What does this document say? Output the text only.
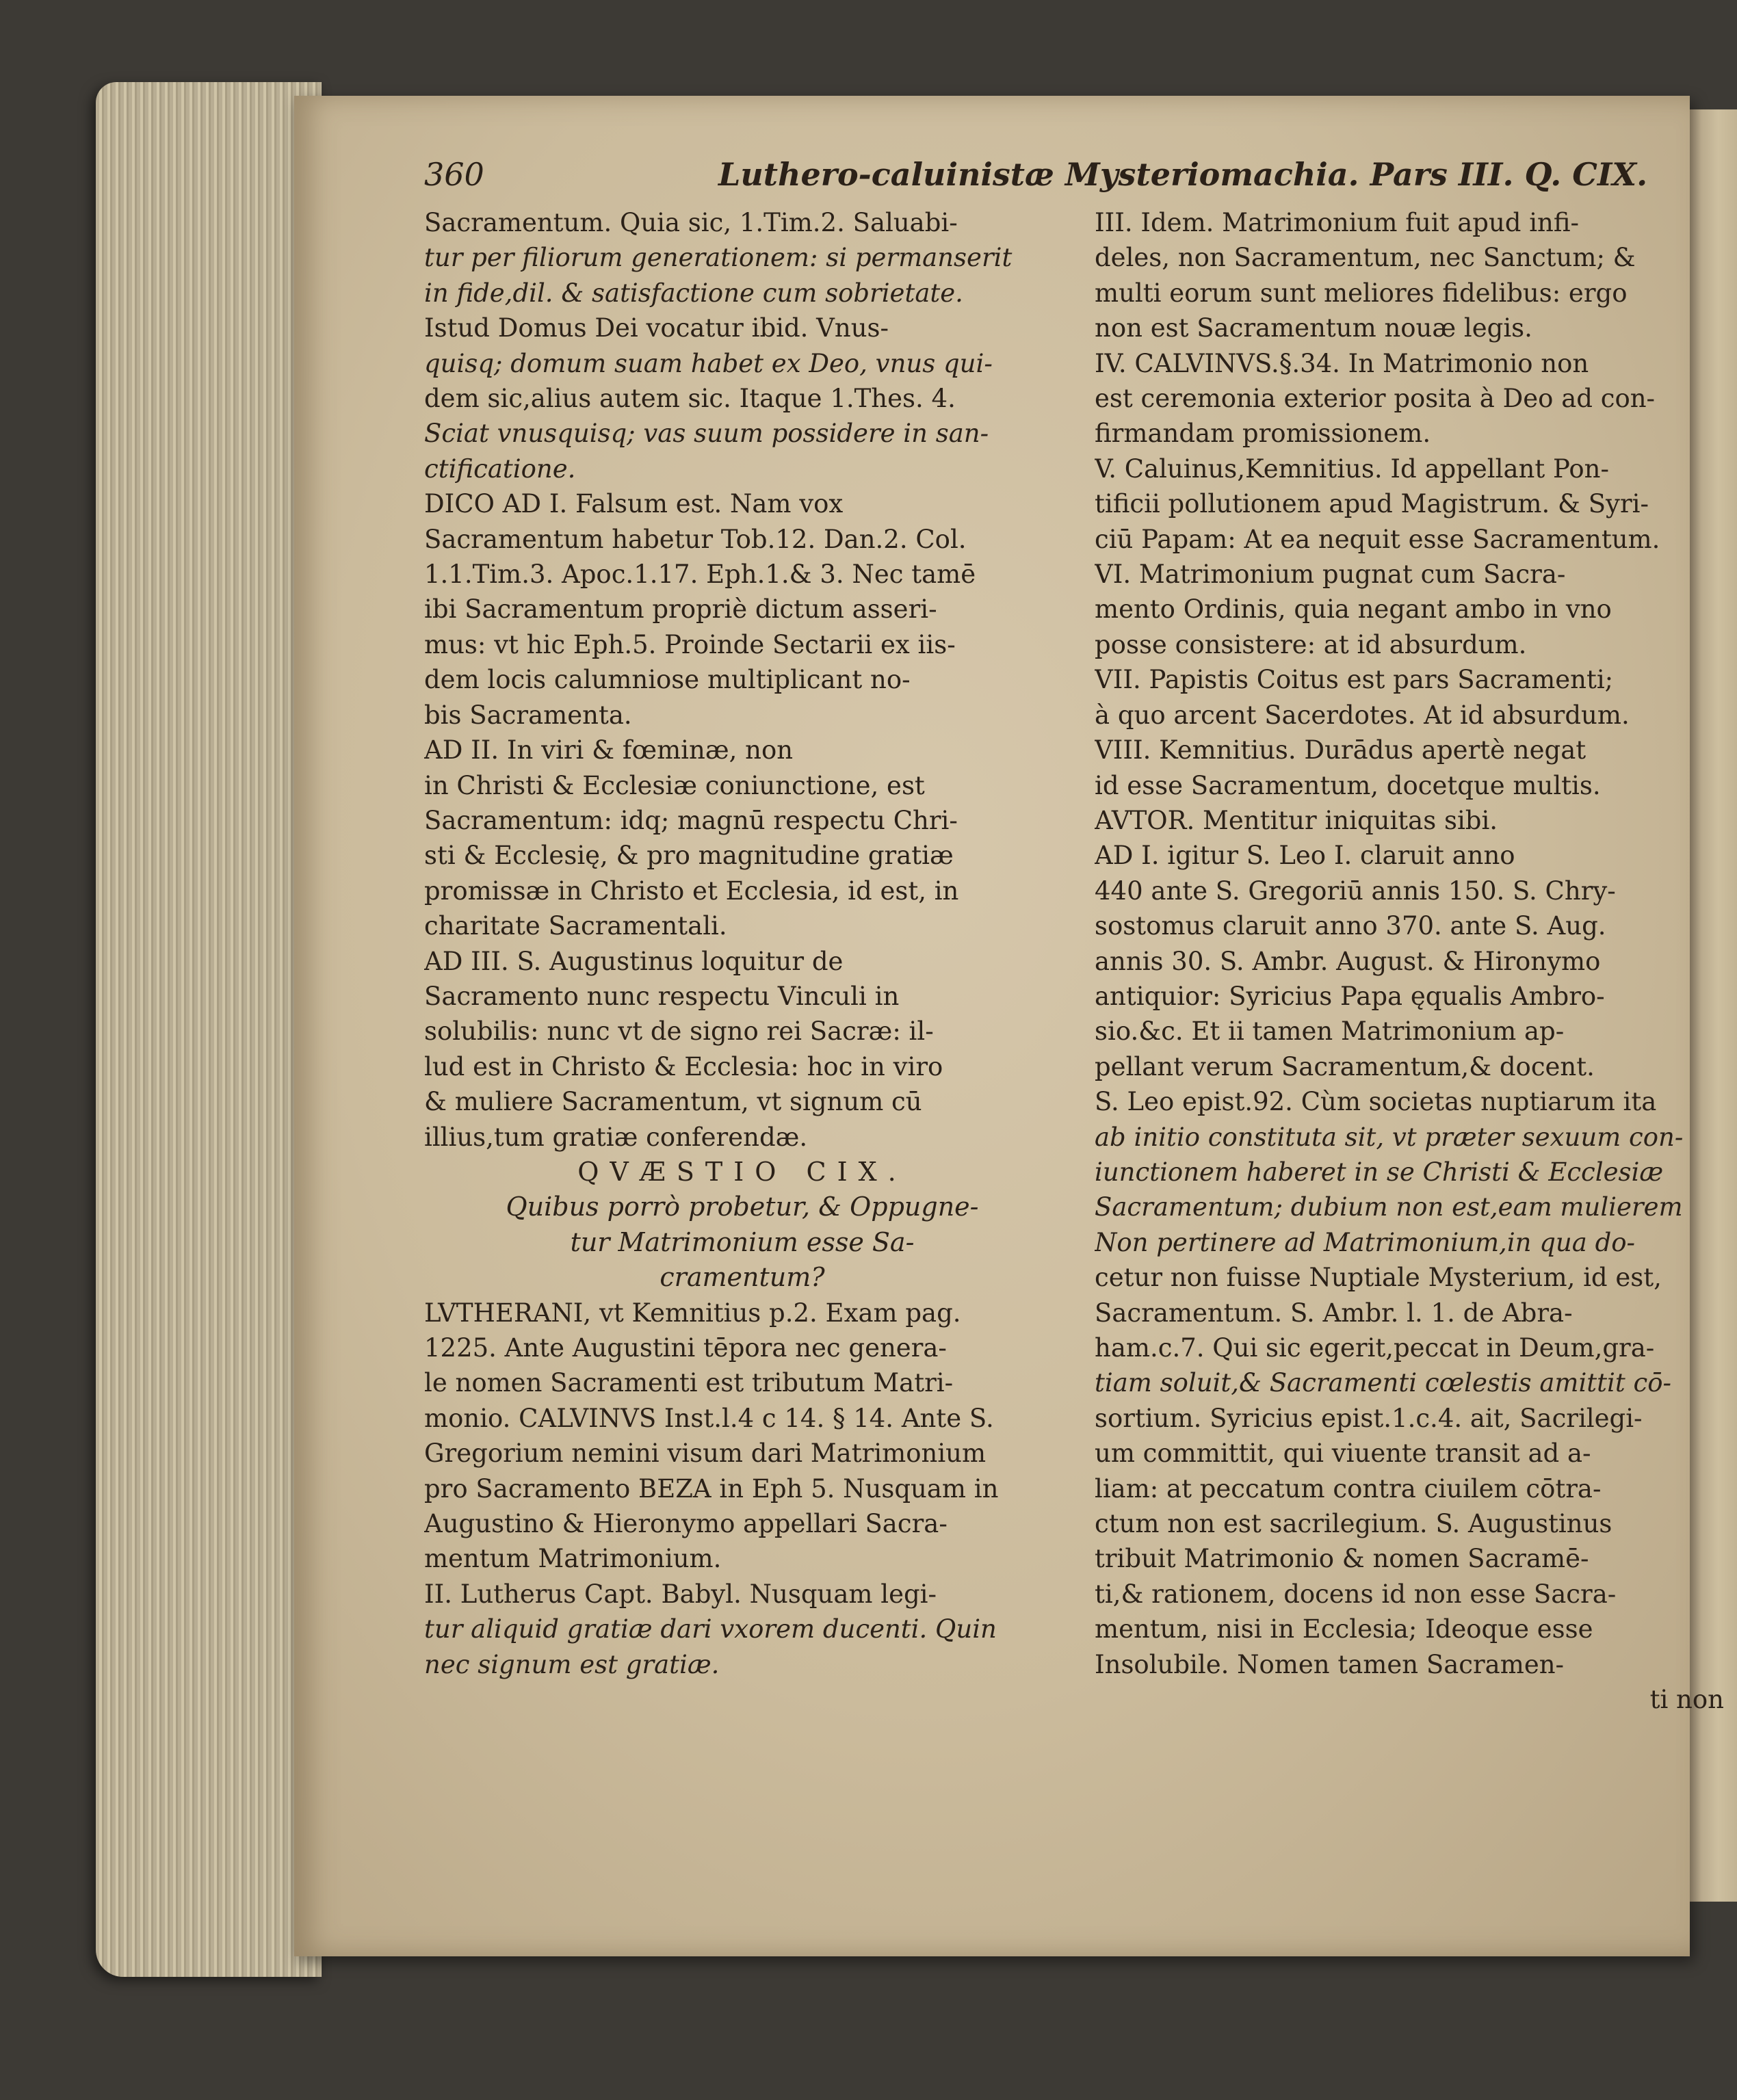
360	Luthero-caluinistæ Mysteriomachia. Pars III. Q. CIX.
Sacramentum. Quia sic, 1.Tim.2. Saluabi-
tur per filiorum generationem: si permanserit
in fide,dil. & satisfactione cum sobrietate.
Istud Domus Dei vocatur ibid. Vnus-
quisq; domum suam habet ex Deo, vnus qui-
dem sic,alius autem sic. Itaque 1.Thes. 4.
Sciat vnusquisq; vas suum possidere in san-
ctificatione.
DICO AD I. Falsum est. Nam vox
Sacramentum habetur Tob.12. Dan.2. Col.
1.1.Tim.3. Apoc.1.17. Eph.1.& 3. Nec tamē
ibi Sacramentum propriè dictum asseri-
mus: vt hic Eph.5. Proinde Sectarii ex iis-
dem locis calumniose multiplicant no-
bis Sacramenta.
AD II. In viri & fœminæ, non
in Christi & Ecclesiæ coniunctione, est
Sacramentum: idq; magnū respectu Chri-
sti & Ecclesię, & pro magnitudine gratiæ
promissæ in Christo et Ecclesia, id est, in
charitate Sacramentali.
AD III. S. Augustinus loquitur de
Sacramento nunc respectu Vinculi in
solubilis: nunc vt de signo rei Sacræ: il-
lud est in Christo & Ecclesia: hoc in viro
& muliere Sacramentum, vt signum cū
illius,tum gratiæ conferendæ.
QVÆSTIO CIX.
Quibus porrò probetur, & Oppugne-
tur Matrimonium esse Sa-
cramentum?
LVTHERANI, vt Kemnitius p.2. Exam pag.
1225. Ante Augustini tēpora nec genera-
le nomen Sacramenti est tributum Matri-
monio. CALVINVS Inst.l.4 c 14. § 14. Ante S.
Gregorium nemini visum dari Matrimonium
pro Sacramento BEZA in Eph 5. Nusquam in
Augustino & Hieronymo appellari Sacra-
mentum Matrimonium.
II. Lutherus Capt. Babyl. Nusquam legi-
tur aliquid gratiæ dari vxorem ducenti. Quin
nec signum est gratiæ.
III. Idem. Matrimonium fuit apud infi-
deles, non Sacramentum, nec Sanctum; &
multi eorum sunt meliores fidelibus: ergo
non est Sacramentum nouæ legis.
IV. CALVINVS.§.34. In Matrimonio non
est ceremonia exterior posita à Deo ad con-
firmandam promissionem.
V. Caluinus,Kemnitius. Id appellant Pon-
tificii pollutionem apud Magistrum. & Syri-
ciū Papam: At ea nequit esse Sacramentum.
VI. Matrimonium pugnat cum Sacra-
mento Ordinis, quia negant ambo in vno
posse consistere: at id absurdum.
VII. Papistis Coitus est pars Sacramenti;
à quo arcent Sacerdotes. At id absurdum.
VIII. Kemnitius. Durādus apertè negat
id esse Sacramentum, docetque multis.
AVTOR. Mentitur iniquitas sibi.
AD I. igitur S. Leo I. claruit anno
440 ante S. Gregoriū annis 150. S. Chry-
sostomus claruit anno 370. ante S. Aug.
annis 30. S. Ambr. August. & Hironymo
antiquior: Syricius Papa ęqualis Ambro-
sio.&c. Et ii tamen Matrimonium ap-
pellant verum Sacramentum,& docent.
S. Leo epist.92. Cùm societas nuptiarum ita
ab initio constituta sit, vt præter sexuum con-
iunctionem haberet in se Christi & Ecclesiæ
Sacramentum; dubium non est,eam mulierem
Non pertinere ad Matrimonium,in qua do-
cetur non fuisse Nuptiale Mysterium, id est,
Sacramentum. S. Ambr. l. 1. de Abra-
ham.c.7. Qui sic egerit,peccat in Deum,gra-
tiam soluit,& Sacramenti cœlestis amittit cō-
sortium. Syricius epist.1.c.4. ait, Sacrilegi-
um committit, qui viuente transit ad a-
liam: at peccatum contra ciuilem cōtra-
ctum non est sacrilegium. S. Augustinus
tribuit Matrimonio & nomen Sacramē-
ti,& rationem, docens id non esse Sacra-
mentum, nisi in Ecclesia; Ideoque esse
Insolubile. Nomen tamen Sacramen-
ti non
